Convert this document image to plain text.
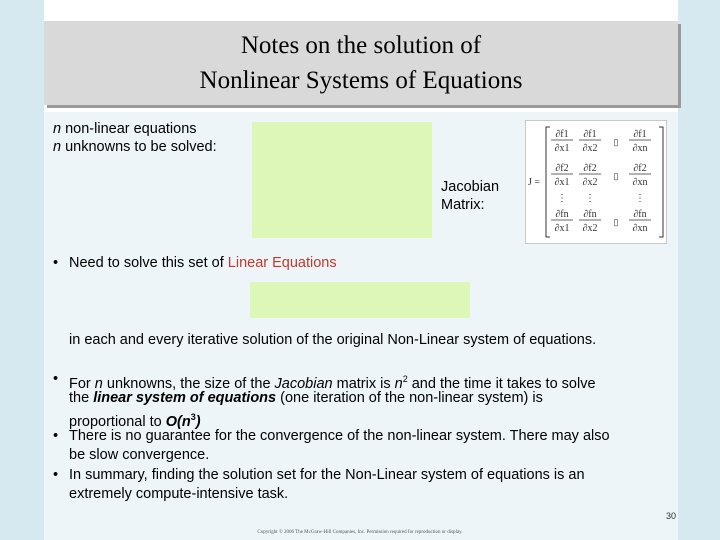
Notes on the solution of
Nonlinear Systems of Equations
n non-linear equations
n unknowns to be solved:
Jacobian
Matrix:
J =
∂f1
∂x1
∂f1
∂x2
▯
∂f1
∂xn
∂f2
∂x1
∂f2
∂x2
▯
∂f2
∂xn
⋮ ⋮	⋮
∂fn
∂x1
∂fn
∂x2
▯
∂fn
∂xn
• Need to solve this set of Linear Equations
in each and every iterative solution of the original Non-Linear system of equations.
• For n unknowns, the size of the Jacobian matrix is $n^2$ and the time it takes to solve
the linear system of equations (one iteration of the non-linear system) is
proportional to $O(n^3)$
• There is no guarantee for the convergence of the non-linear system. There may also
be slow convergence.
• In summary, finding the solution set for the Non-Linear system of equations is an
extremely compute-intensive task.
30
Copyright © 2006 The McGraw-Hill Companies, Inc. Permission required for reproduction or display.
